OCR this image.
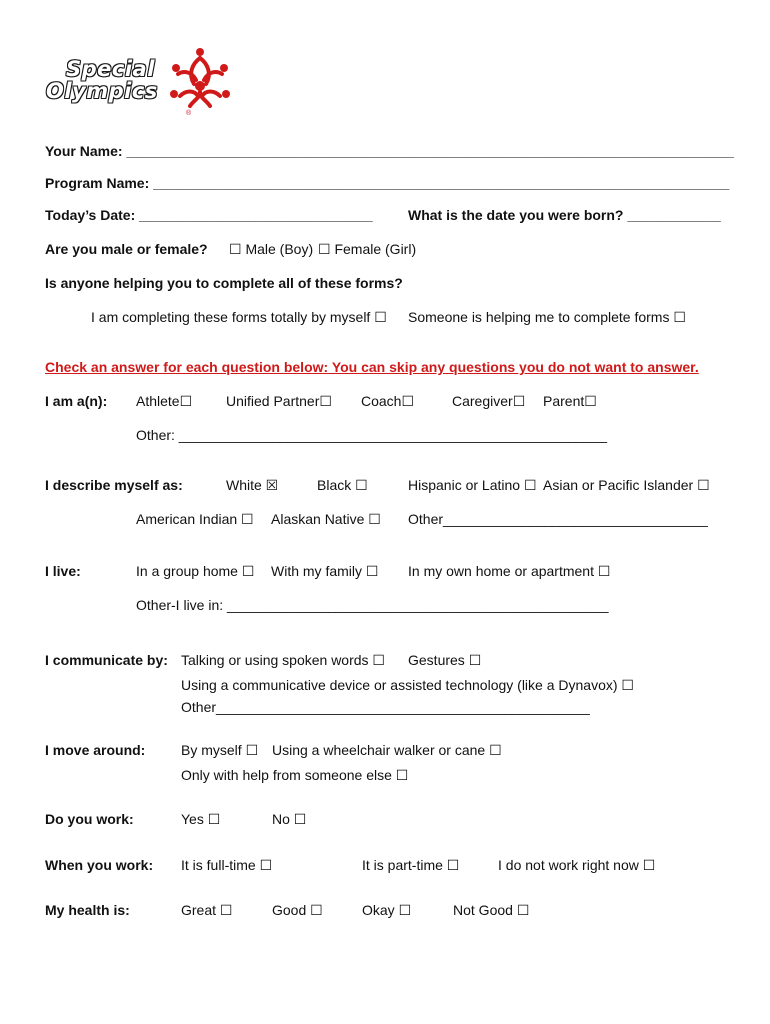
Special
Olympics
®
Your Name: ______________________________________________________________________________
Program Name: __________________________________________________________________________
Today’s Date: ______________________________	What is the date you were born? ____________
Are you male or female? ☐ Male (Boy) ☐ Female (Girl)
Is anyone helping you to complete all of these forms?
I am completing these forms totally by myself ☐ Someone is helping me to complete forms ☐
Check an answer for each question below: You can skip any questions you do not want to answer.
I am a(n): Athlete☐ Unified Partner☐ Coach☐	Caregiver☐ Parent☐
Other: _______________________________________________________
I describe myself as:	White ☒	Black ☐	Hispanic or Latino ☐ Asian or Pacific Islander ☐
American Indian ☐ Alaskan Native ☐ Other__________________________________
I live:	In a group home ☐ With my family ☐ In my own home or apartment ☐
Other-I live in: _________________________________________________
I communicate by: Talking or using spoken words ☐ Gestures ☐
Using a communicative device or assisted technology (like a Dynavox) ☐
Other________________________________________________
I move around:	By myself ☐ Using a wheelchair walker or cane ☐
Only with help from someone else ☐
Do you work:	Yes ☐	No ☐
When you work: It is full-time ☐	It is part-time ☐	I do not work right now ☐
My health is:	Great ☐	Good ☐	Okay ☐	Not Good ☐
